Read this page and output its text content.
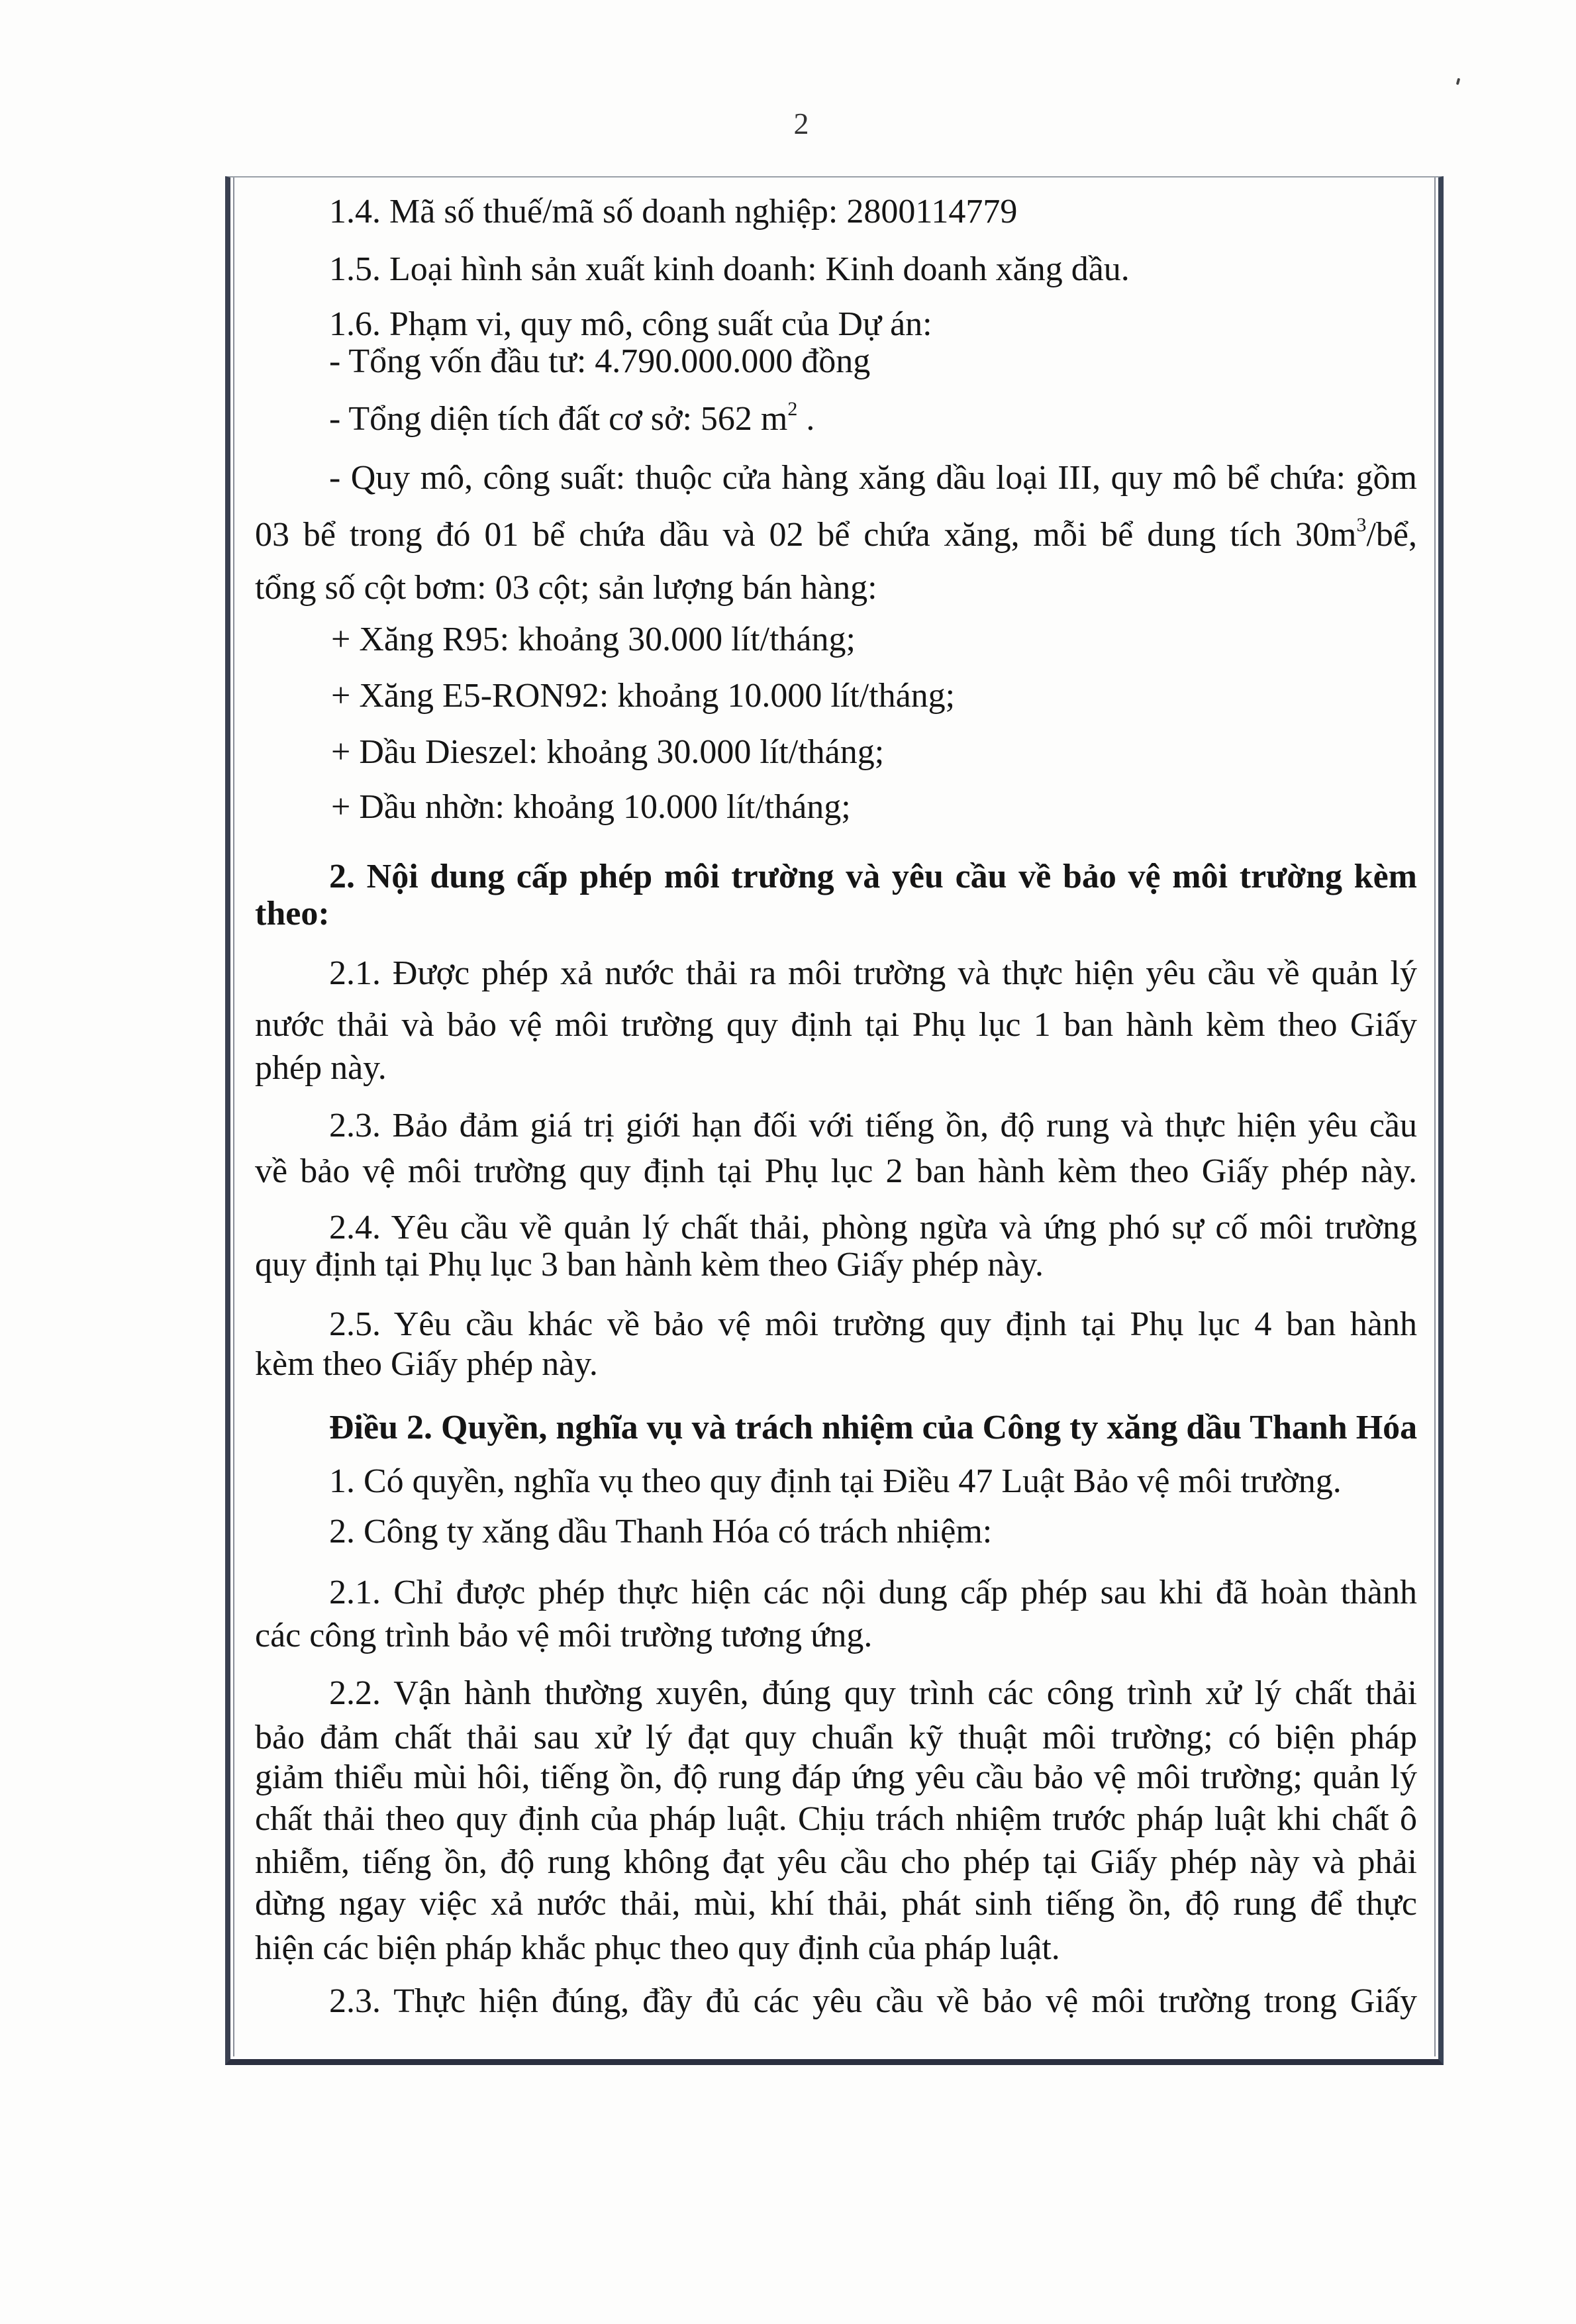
2
1.4. Mã số thuế/mã số doanh nghiệp: 2800114779
1.5. Loại hình sản xuất kinh doanh: Kinh doanh xăng dầu.
1.6. Phạm vi, quy mô, công suất của Dự án:
- Tổng vốn đầu tư: 4.790.000.000 đồng
- Tổng diện tích đất cơ sở: 562 $m^2$ .
- Quy mô, công suất: thuộc cửa hàng xăng dầu loại III, quy mô bể chứa: gồm
03 bể trong đó 01 bể chứa dầu và 02 bể chứa xăng, mỗi bể dung tích $30m^3/bể$,
tổng số cột bơm: 03 cột; sản lượng bán hàng:
+ Xăng R95: khoảng 30.000 lít/tháng;
+ Xăng E5-RON92: khoảng 10.000 lít/tháng;
+ Dầu Dieszel: khoảng 30.000 lít/tháng;
+ Dầu nhờn: khoảng 10.000 lít/tháng;
2. Nội dung cấp phép môi trường và yêu cầu về bảo vệ môi trường kèm
theo:
2.1. Được phép xả nước thải ra môi trường và thực hiện yêu cầu về quản lý
nước thải và bảo vệ môi trường quy định tại Phụ lục 1 ban hành kèm theo Giấy
phép này.
2.3. Bảo đảm giá trị giới hạn đối với tiếng ồn, độ rung và thực hiện yêu cầu
về bảo vệ môi trường quy định tại Phụ lục 2 ban hành kèm theo Giấy phép này.
2.4. Yêu cầu về quản lý chất thải, phòng ngừa và ứng phó sự cố môi trường
quy định tại Phụ lục 3 ban hành kèm theo Giấy phép này.
2.5. Yêu cầu khác về bảo vệ môi trường quy định tại Phụ lục 4 ban hành
kèm theo Giấy phép này.
Điều 2. Quyền, nghĩa vụ và trách nhiệm của Công ty xăng dầu Thanh Hóa
1. Có quyền, nghĩa vụ theo quy định tại Điều 47 Luật Bảo vệ môi trường.
2. Công ty xăng dầu Thanh Hóa có trách nhiệm:
2.1. Chỉ được phép thực hiện các nội dung cấp phép sau khi đã hoàn thành
các công trình bảo vệ môi trường tương ứng.
2.2. Vận hành thường xuyên, đúng quy trình các công trình xử lý chất thải
bảo đảm chất thải sau xử lý đạt quy chuẩn kỹ thuật môi trường; có biện pháp
giảm thiểu mùi hôi, tiếng ồn, độ rung đáp ứng yêu cầu bảo vệ môi trường; quản lý
chất thải theo quy định của pháp luật. Chịu trách nhiệm trước pháp luật khi chất ô
nhiễm, tiếng ồn, độ rung không đạt yêu cầu cho phép tại Giấy phép này và phải
dừng ngay việc xả nước thải, mùi, khí thải, phát sinh tiếng ồn, độ rung để thực
hiện các biện pháp khắc phục theo quy định của pháp luật.
2.3. Thực hiện đúng, đầy đủ các yêu cầu về bảo vệ môi trường trong Giấy
